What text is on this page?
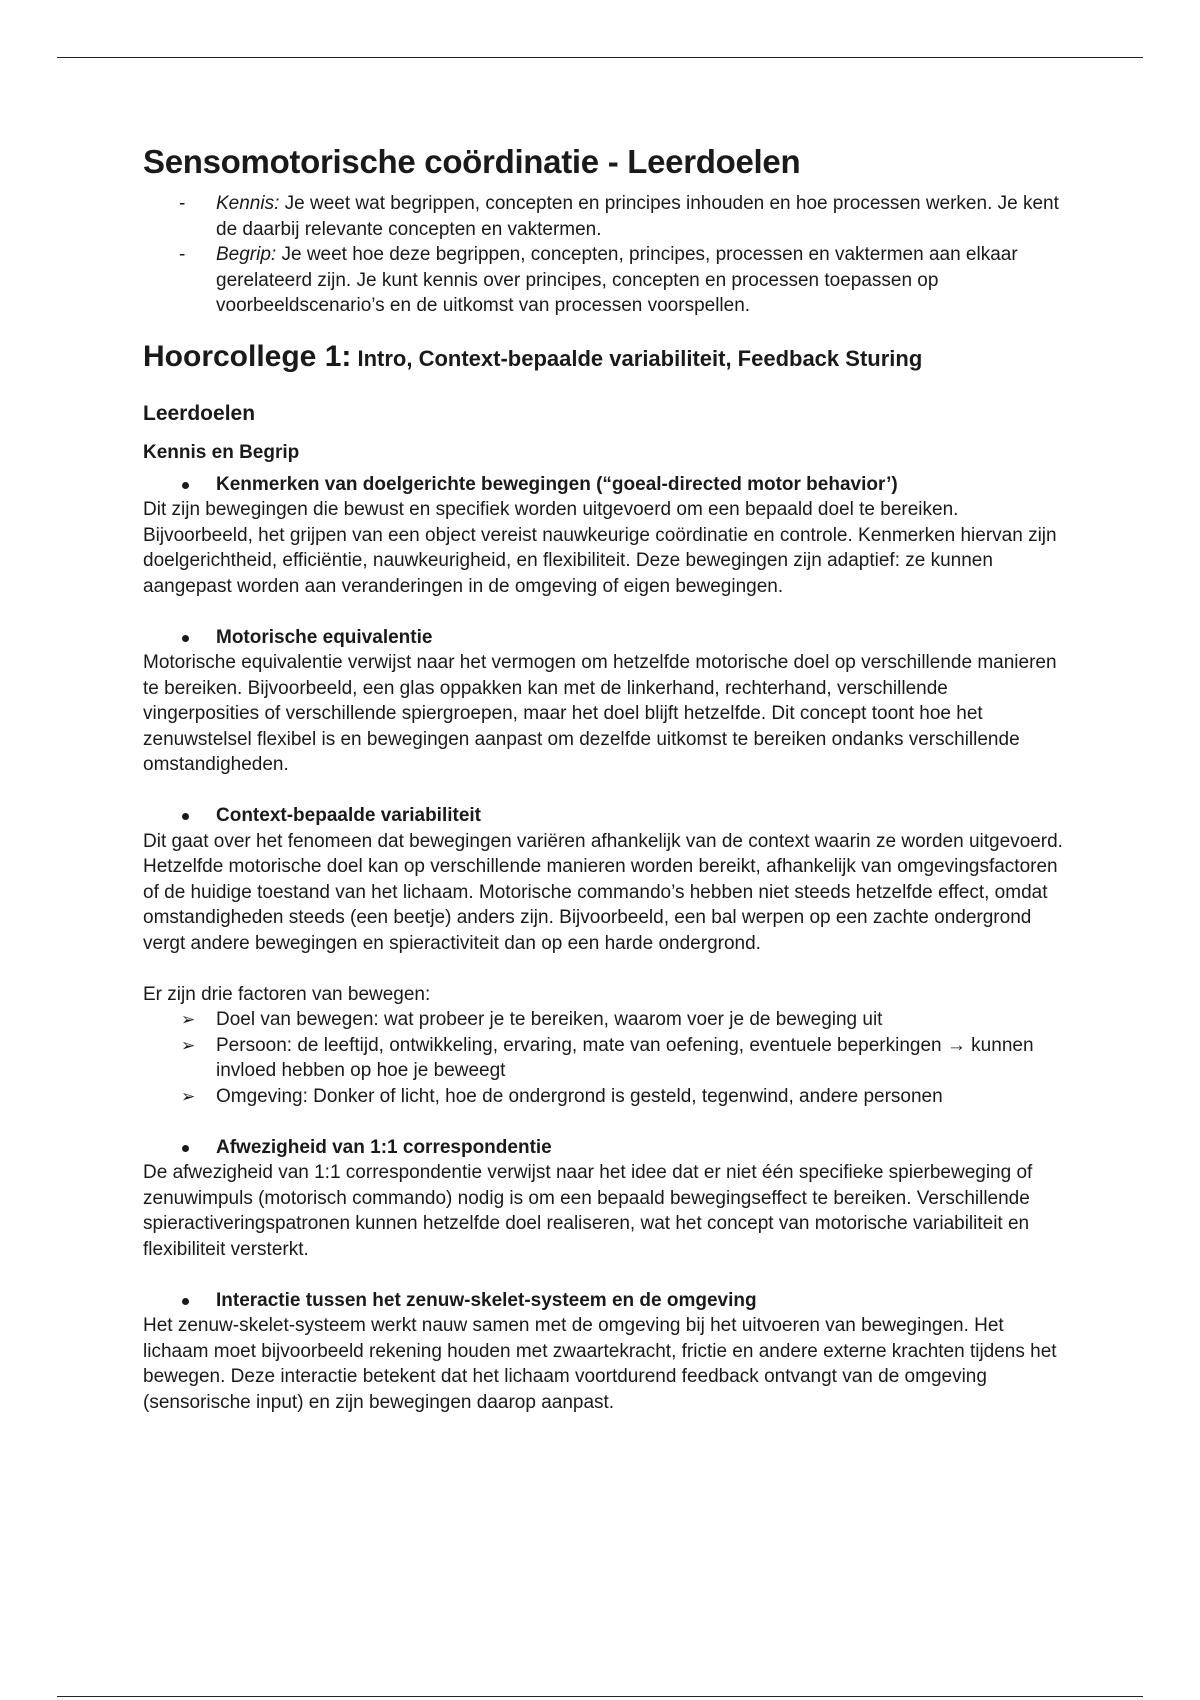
Sensomotorische coördinatie - Leerdoelen
- Kennis: Je weet wat begrippen, concepten en principes inhouden en hoe processen werken. Je kent de daarbij relevante concepten en vaktermen.
- Begrip: Je weet hoe deze begrippen, concepten, principes, processen en vaktermen aan elkaar gerelateerd zijn. Je kunt kennis over principes, concepten en processen toepassen op voorbeeldscenario’s en de uitkomst van processen voorspellen.
Hoorcollege 1: Intro, Context-bepaalde variabiliteit, Feedback Sturing
Leerdoelen
Kennis en Begrip
Kenmerken van doelgerichte bewegingen (“goeal-directed motor behavior’)

Dit zijn bewegingen die bewust en specifiek worden uitgevoerd om een bepaald doel te bereiken. Bijvoorbeeld, het grijpen van een object vereist nauwkeurige coördinatie en controle. Kenmerken hiervan zijn doelgerichtheid, efficiëntie, nauwkeurigheid, en flexibiliteit. Deze bewegingen zijn adaptief: ze kunnen aangepast worden aan veranderingen in de omgeving of eigen bewegingen.

Motorische equivalentie

Motorische equivalentie verwijst naar het vermogen om hetzelfde motorische doel op verschillende manieren te bereiken. Bijvoorbeeld, een glas oppakken kan met de linkerhand, rechterhand, verschillende vingerposities of verschillende spiergroepen, maar het doel blijft hetzelfde. Dit concept toont hoe het zenuwstelsel flexibel is en bewegingen aanpast om dezelfde uitkomst te bereiken ondanks verschillende omstandigheden.

Context-bepaalde variabiliteit

Dit gaat over het fenomeen dat bewegingen variëren afhankelijk van de context waarin ze worden uitgevoerd. Hetzelfde motorische doel kan op verschillende manieren worden bereikt, afhankelijk van omgevingsfactoren of de huidige toestand van het lichaam. Motorische commando’s hebben niet steeds hetzelfde effect, omdat omstandigheden steeds (een beetje) anders zijn. Bijvoorbeeld, een bal werpen op een zachte ondergrond vergt andere bewegingen en spieractiviteit dan op een harde ondergrond.

Er zijn drie factoren van bewegen:

➢ Doel van bewegen: wat probeer je te bereiken, waarom voer je de beweging uit
➢ Persoon: de leeftijd, ontwikkeling, ervaring, mate van oefening, eventuele beperkingen → kunnen invloed hebben op hoe je beweegt
➢ Omgeving: Donker of licht, hoe de ondergrond is gesteld, tegenwind, andere personen
Afwezigheid van 1:1 correspondentie

De afwezigheid van 1:1 correspondentie verwijst naar het idee dat er niet één specifieke spierbeweging of zenuwimpuls (motorisch commando) nodig is om een bepaald bewegingseffect te bereiken. Verschillende spieractiveringspatronen kunnen hetzelfde doel realiseren, wat het concept van motorische variabiliteit en flexibiliteit versterkt.

Interactie tussen het zenuw-skelet-systeem en de omgeving

Het zenuw-skelet-systeem werkt nauw samen met de omgeving bij het uitvoeren van bewegingen. Het lichaam moet bijvoorbeeld rekening houden met zwaartekracht, frictie en andere externe krachten tijdens het bewegen. Deze interactie betekent dat het lichaam voortdurend feedback ontvangt van de omgeving (sensorische input) en zijn bewegingen daarop aanpast.
